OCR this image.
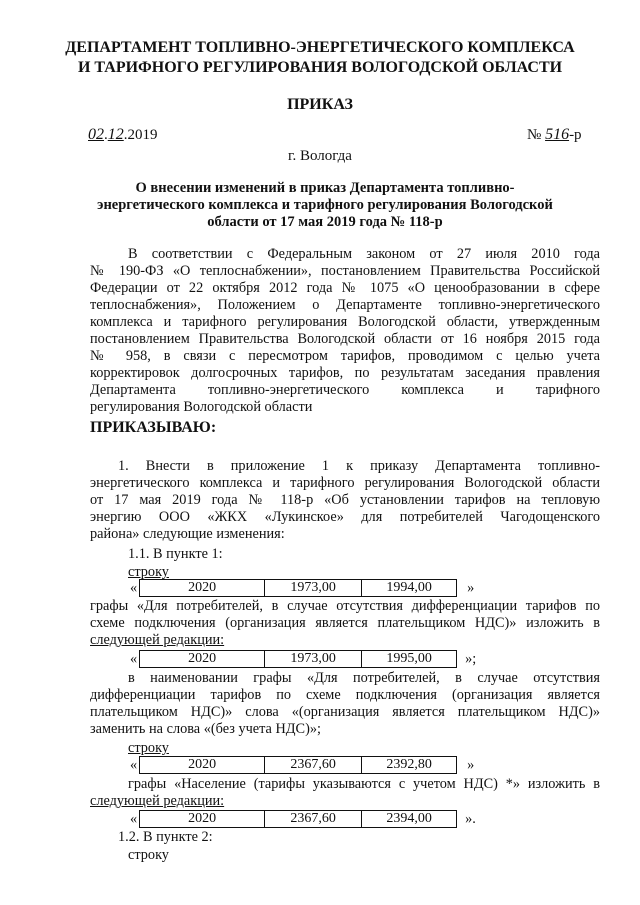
ДЕПАРТАМЕНТ ТОПЛИВНО-ЭНЕРГЕТИЧЕСКОГО КОМПЛЕКСА
И ТАРИФНОГО РЕГУЛИРОВАНИЯ ВОЛОГОДСКОЙ ОБЛАСТИ
ПРИКАЗ
02.12.2019	№ 516-р
г. Вологда
О внесении изменений в приказ Департамента топливно-
энергетического комплекса и тарифного регулирования Вологодской
области от 17 мая 2019 года № 118-р
В соответствии с Федеральным законом от 27 июля 2010 года
№ 190-ФЗ «О теплоснабжении», постановлением Правительства Российской
Федерации от 22 октября 2012 года № 1075 «О ценообразовании в сфере
теплоснабжения», Положением о Департаменте топливно-энергетического
комплекса и тарифного регулирования Вологодской области, утвержденным
постановлением Правительства Вологодской области от 16 ноября 2015 года
№ 958, в связи с пересмотром тарифов, проводимом с целью учета
корректировок долгосрочных тарифов, по результатам заседания правления
Департамента топливно-энергетического комплекса и тарифного
регулирования Вологодской области
ПРИКАЗЫВАЮ:
1. Внести в приложение 1 к приказу Департамента топливно-
энергетического комплекса и тарифного регулирования Вологодской области
от 17 мая 2019 года № 118-р «Об установлении тарифов на тепловую
энергию ООО «ЖКХ «Лукинское» для потребителей Чагодощенского
района» следующие изменения:
1.1. В пункте 1:
строку
«	2020	1973,00	1994,00	»
графы «Для потребителей, в случае отсутствия дифференциации тарифов по
схеме подключения (организация является плательщиком НДС)» изложить в
следующей редакции:
«	2020	1973,00	1995,00	»;
в наименовании графы «Для потребителей, в случае отсутствия
дифференциации тарифов по схеме подключения (организация является
плательщиком НДС)» слова «(организация является плательщиком НДС)»
заменить на слова «(без учета НДС)»;
строку
«	2020	2367,60	2392,80	»
графы «Население (тарифы указываются с учетом НДС) *» изложить в
следующей редакции:
«	2020	2367,60	2394,00	».
1.2. В пункте 2:
строку
